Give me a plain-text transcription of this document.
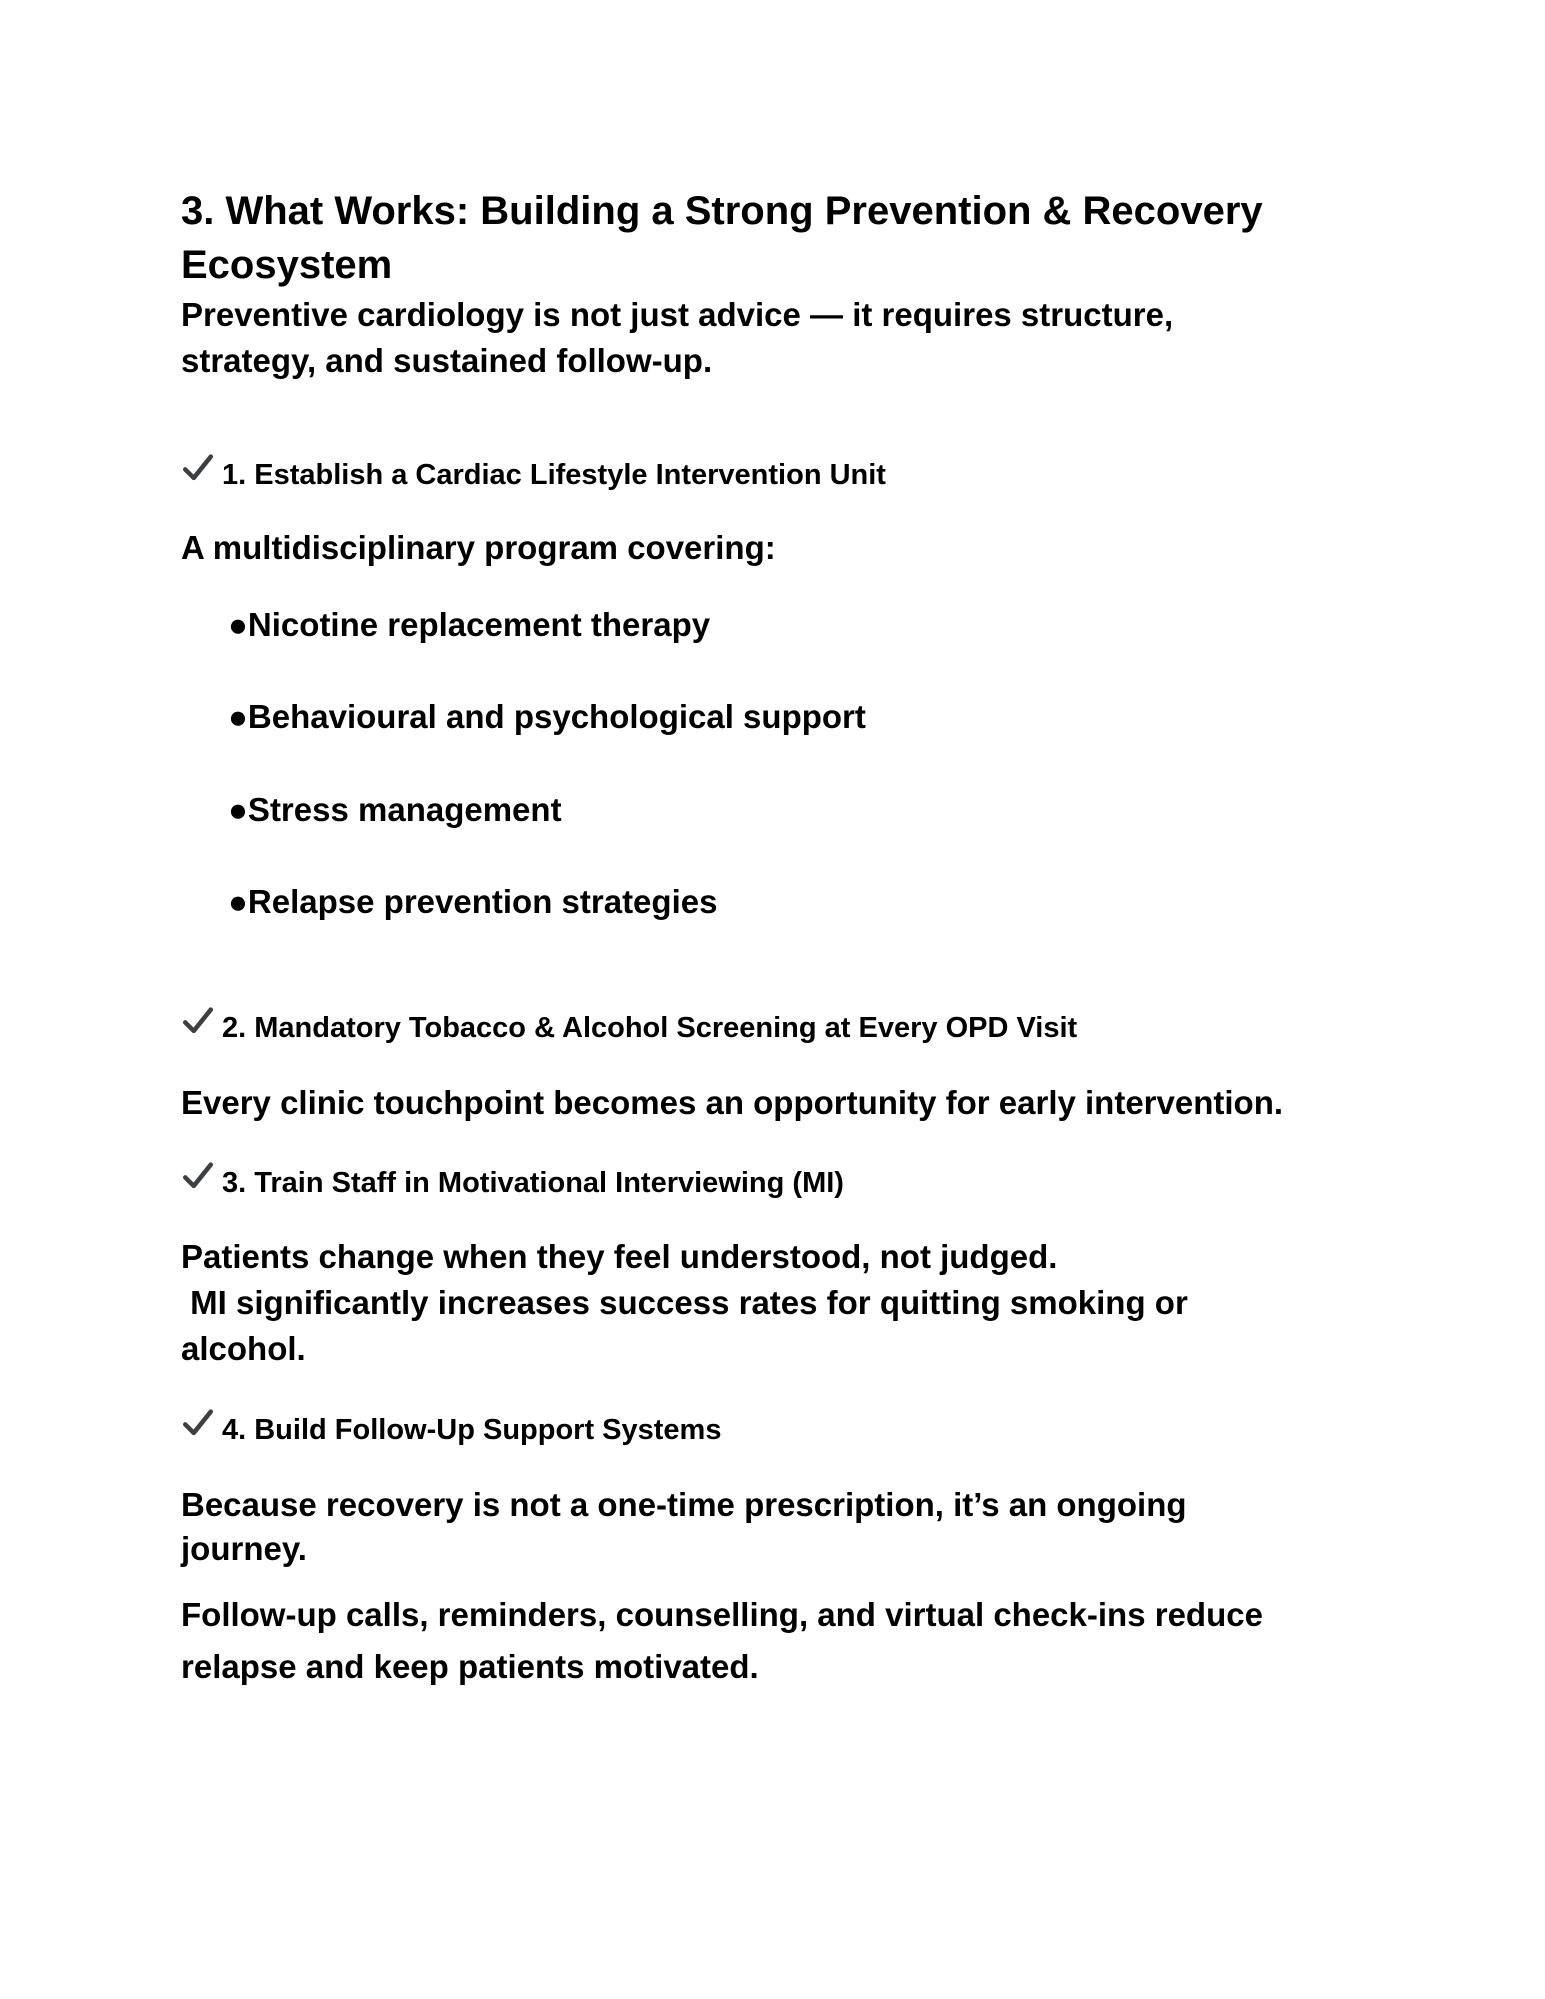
3. What Works: Building a Strong Prevention & Recovery
Ecosystem
Preventive cardiology is not just advice — it requires structure,
strategy, and sustained follow-up.
1. Establish a Cardiac Lifestyle Intervention Unit
A multidisciplinary program covering:
●Nicotine replacement therapy
●Behavioural and psychological support
●Stress management
●Relapse prevention strategies
2. Mandatory Tobacco & Alcohol Screening at Every OPD Visit
Every clinic touchpoint becomes an opportunity for early intervention.
3. Train Staff in Motivational Interviewing (MI)
Patients change when they feel understood, not judged.
MI significantly increases success rates for quitting smoking or
alcohol.
4. Build Follow-Up Support Systems
Because recovery is not a one-time prescription, it’s an ongoing
journey.
Follow-up calls, reminders, counselling, and virtual check-ins reduce
relapse and keep patients motivated.
